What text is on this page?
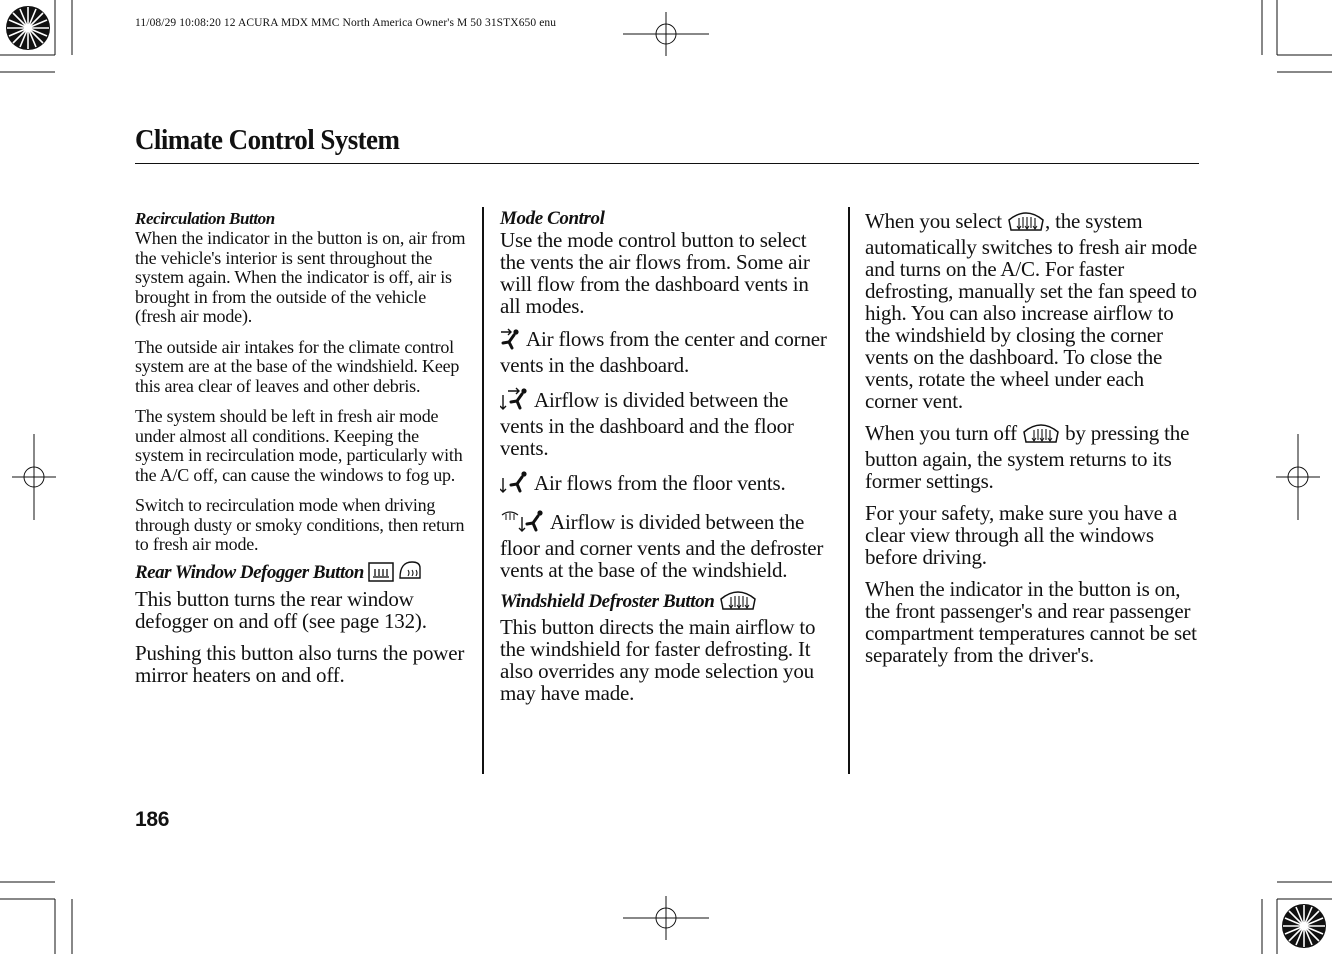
11/08/29 10:08:20 12 ACURA MDX MMC North America Owner's M 50 31STX650 enu
Climate Control System

Recirculation Button

When the indicator in the button is on, air from the vehicle's interior is sent throughout the system again. When the indicator is off, air is brought in from the outside of the vehicle (fresh air mode).

The outside air intakes for the climate control system are at the base of the windshield. Keep this area clear of leaves and other debris.

The system should be left in fresh air mode under almost all conditions. Keeping the system in recirculation mode, particularly with the A/C off, can cause the windows to fog up.

Switch to recirculation mode when driving through dusty or smoky conditions, then return to fresh air mode.

Rear Window Defogger Button

This button turns the rear window defogger on and off (see page 132).

Pushing this button also turns the power mirror heaters on and off.

Mode Control

Use the mode control button to select the vents the air flows from. Some air will flow from the dashboard vents in all modes.

Air flows from the center and corner vents in the dashboard.

Airflow is divided between the vents in the dashboard and the floor vents.

Air flows from the floor vents.

Airflow is divided between the floor and corner vents and the defroster vents at the base of the windshield.

Windshield Defroster Button

This button directs the main airflow to the windshield for faster defrosting. It also overrides any mode selection you may have made.

When you select , the system automatically switches to fresh air mode and turns on the A/C. For faster defrosting, manually set the fan speed to high. You can also increase airflow to the windshield by closing the corner vents on the dashboard. To close the vents, rotate the wheel under each corner vent.

When you turn off by pressing the button again, the system returns to its former settings.

For your safety, make sure you have a clear view through all the windows before driving.

When the indicator in the button is on, the front passenger's and rear passenger compartment temperatures cannot be set separately from the driver's.

186
